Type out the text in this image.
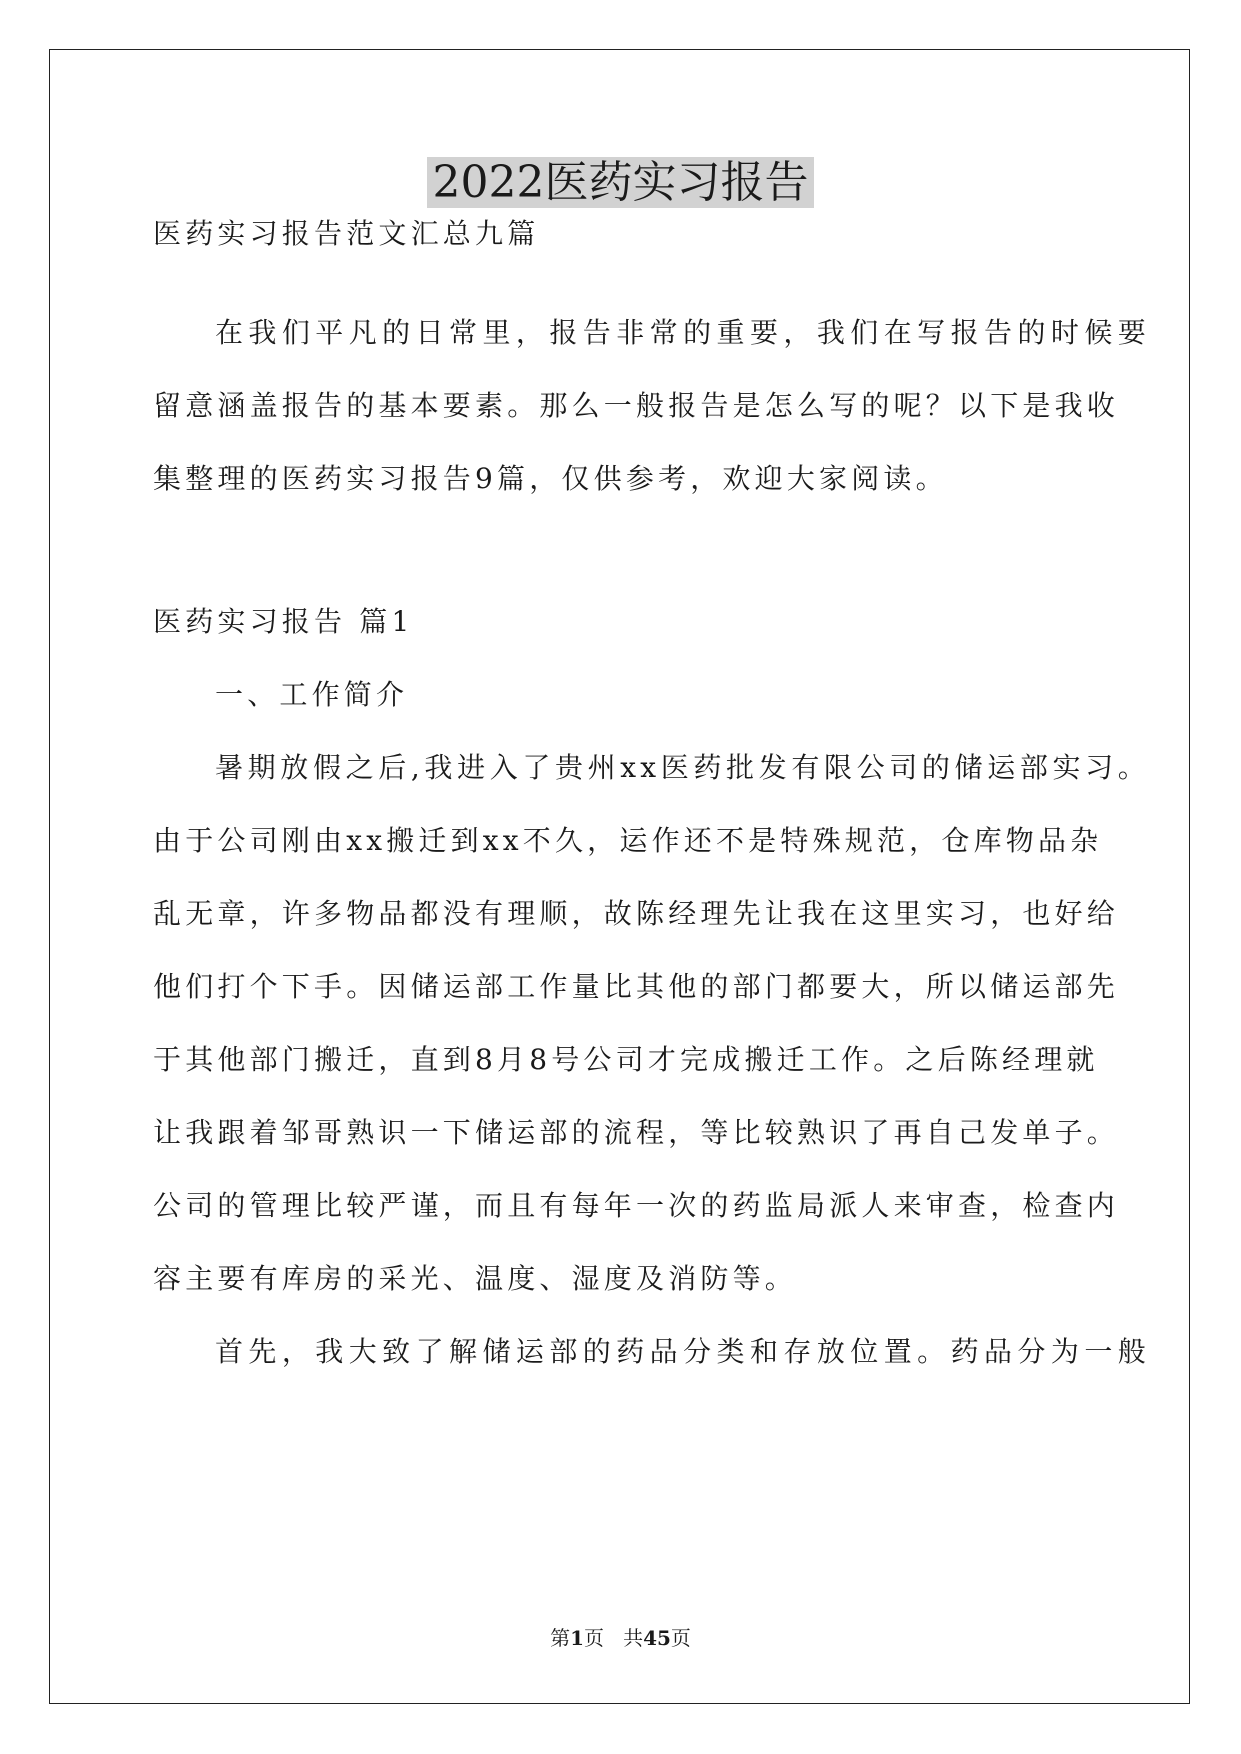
2022医药实习报告

医药实习报告范文汇总九篇

在我们平凡的日常里，报告非常的重要，我们在写报告的时候要

留意涵盖报告的基本要素。那么一般报告是怎么写的呢？以下是我收

集整理的医药实习报告9篇，仅供参考，欢迎大家阅读。

医药实习报告 篇1

一、工作简介

暑期放假之后,我进入了贵州xx医药批发有限公司的储运部实习。

由于公司刚由xx搬迁到xx不久，运作还不是特殊规范，仓库物品杂

乱无章，许多物品都没有理顺，故陈经理先让我在这里实习，也好给

他们打个下手。因储运部工作量比其他的部门都要大，所以储运部先

于其他部门搬迁，直到8月8号公司才完成搬迁工作。之后陈经理就

让我跟着邹哥熟识一下储运部的流程，等比较熟识了再自己发单子。

公司的管理比较严谨，而且有每年一次的药监局派人来审查，检查内

容主要有库房的采光、温度、湿度及消防等。

首先，我大致了解储运部的药品分类和存放位置。药品分为一般

第1页 共45页
